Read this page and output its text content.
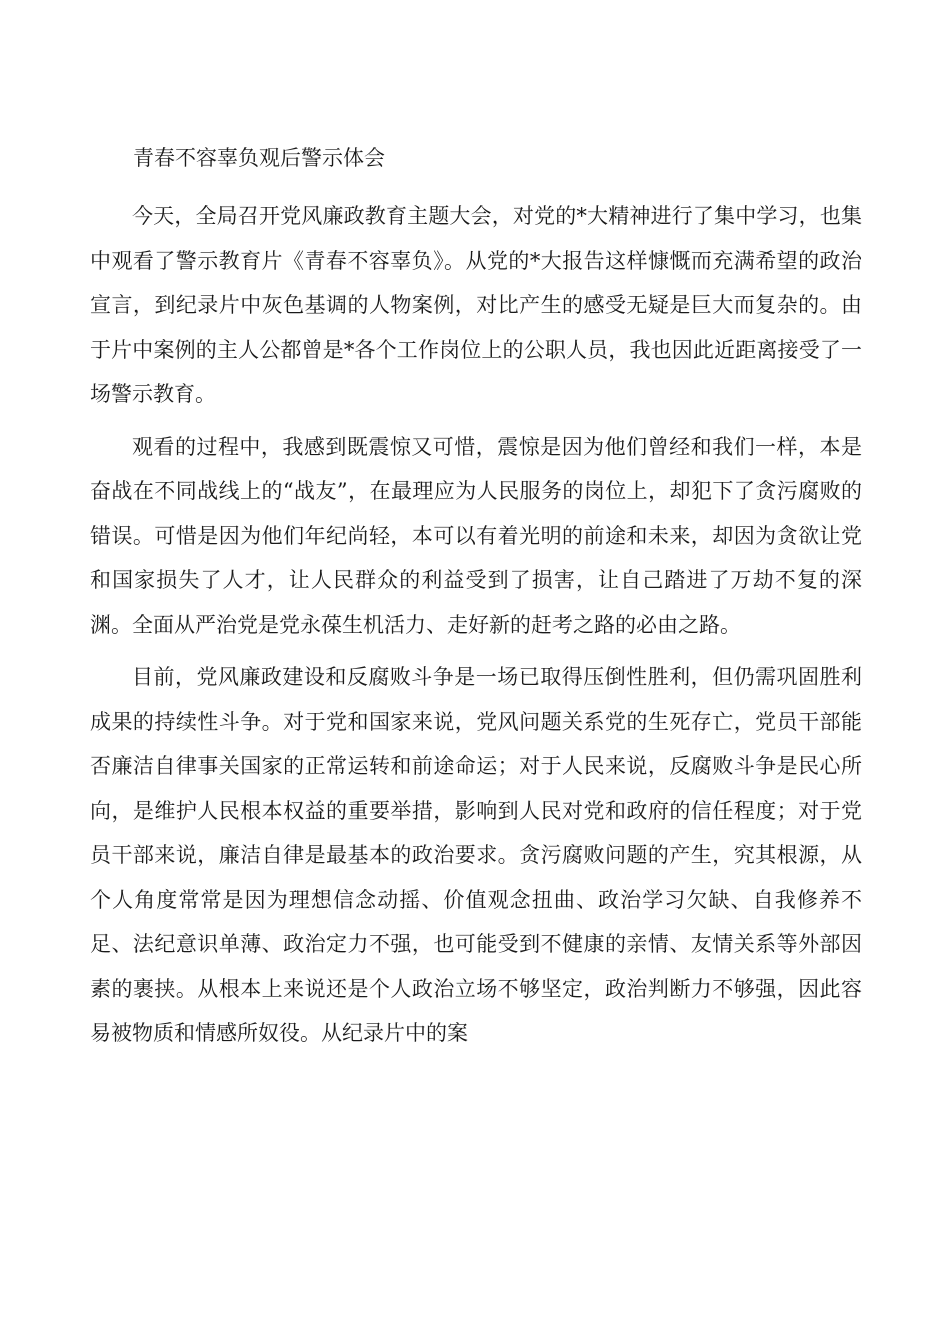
青春不容辜负观后警示体会

今天，全局召开党风廉政教育主题大会，对党的*大精神进行了集中学习，也集中观看了警示教育片《青春不容辜负》。从党的*大报告这样慷慨而充满希望的政治宣言，到纪录片中灰色基调的人物案例，对比产生的感受无疑是巨大而复杂的。由于片中案例的主人公都曾是*各个工作岗位上的公职人员，我也因此近距离接受了一场警示教育。

观看的过程中，我感到既震惊又可惜，震惊是因为他们曾经和我们一样，本是奋战在不同战线上的“战友”，在最理应为人民服务的岗位上，却犯下了贪污腐败的错误。可惜是因为他们年纪尚轻，本可以有着光明的前途和未来，却因为贪欲让党和国家损失了人才，让人民群众的利益受到了损害，让自己踏进了万劫不复的深渊。全面从严治党是党永葆生机活力、走好新的赶考之路的必由之路。

目前，党风廉政建设和反腐败斗争是一场已取得压倒性胜利，但仍需巩固胜利成果的持续性斗争。对于党和国家来说，党风问题关系党的生死存亡，党员干部能否廉洁自律事关国家的正常运转和前途命运；对于人民来说，反腐败斗争是民心所向，是维护人民根本权益的重要举措，影响到人民对党和政府的信任程度；对于党员干部来说，廉洁自律是最基本的政治要求。贪污腐败问题的产生，究其根源，从个人角度常常是因为理想信念动摇、价值观念扭曲、政治学习欠缺、自我修养不足、法纪意识单薄、政治定力不强，也可能受到不健康的亲情、友情关系等外部因素的裹挟。从根本上来说还是个人政治立场不够坚定，政治判断力不够强，因此容易被物质和情感所奴役。从纪录片中的案
